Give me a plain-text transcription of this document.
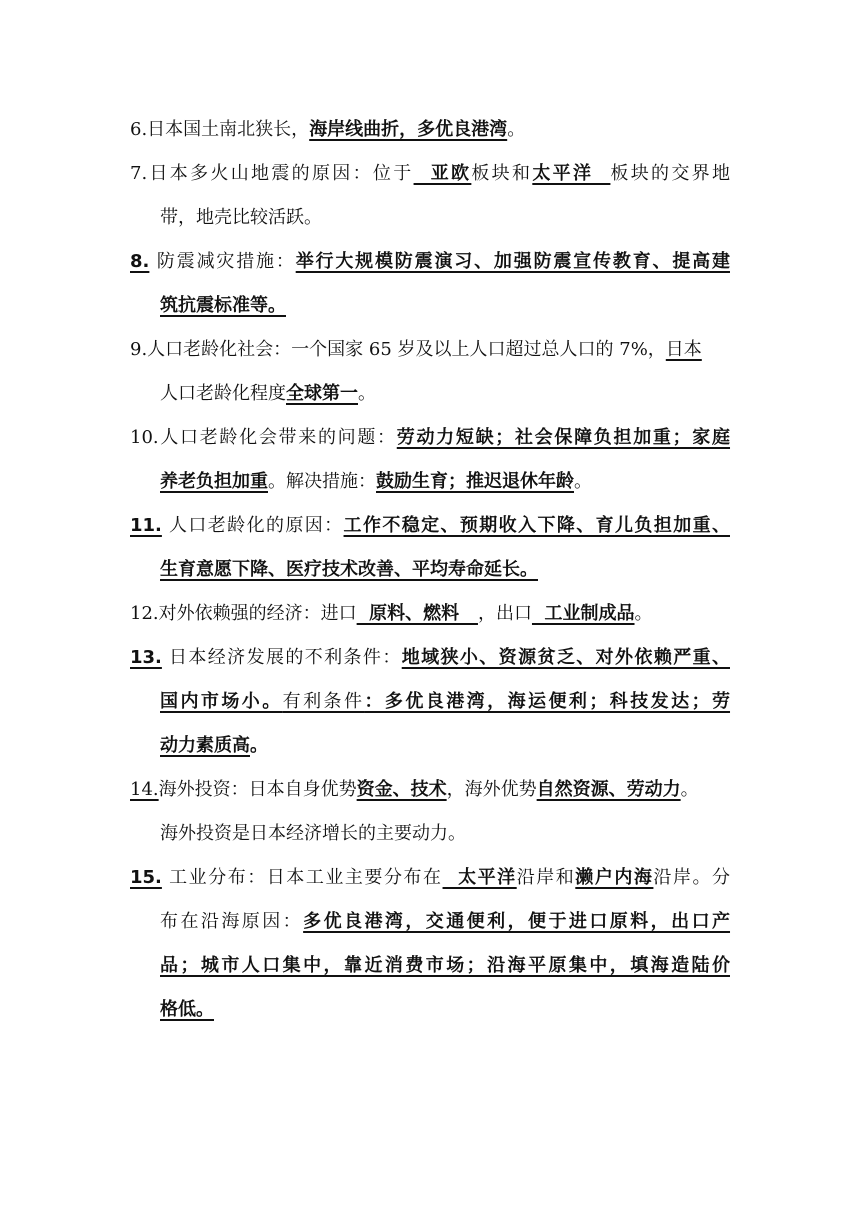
6.日本国土南北狭长，海岸线曲折，多优良港湾。
7.日本多火山地震的原因：位于  亚欧板块和太平洋  板块的交界地
带，地壳比较活跃。
8. 防震减灾措施：举行大规模防震演习、加强防震宣传教育、提高建
筑抗震标准等。
9.人口老龄化社会：一个国家 65 岁及以上人口超过总人口的 7%，日本
人口老龄化程度全球第一。
10.人口老龄化会带来的问题：劳动力短缺；社会保障负担加重；家庭
养老负担加重。解决措施：鼓励生育；推迟退休年龄。
11. 人口老龄化的原因：工作不稳定、预期收入下降、育儿负担加重、
生育意愿下降、医疗技术改善、平均寿命延长。
12.对外依赖强的经济：进口  原料、燃料   ，出口  工业制成品。
13. 日本经济发展的不利条件：地域狭小、资源贫乏、对外依赖严重、
国内市场小。有利条件：多优良港湾，海运便利；科技发达；劳
动力素质高。
14.海外投资：日本自身优势资金、技术，海外优势自然资源、劳动力。
海外投资是日本经济增长的主要动力。
15. 工业分布：日本工业主要分布在  太平洋沿岸和濑户内海沿岸。分
布在沿海原因：多优良港湾，交通便利，便于进口原料，出口产
品；城市人口集中，靠近消费市场；沿海平原集中，填海造陆价
格低。
